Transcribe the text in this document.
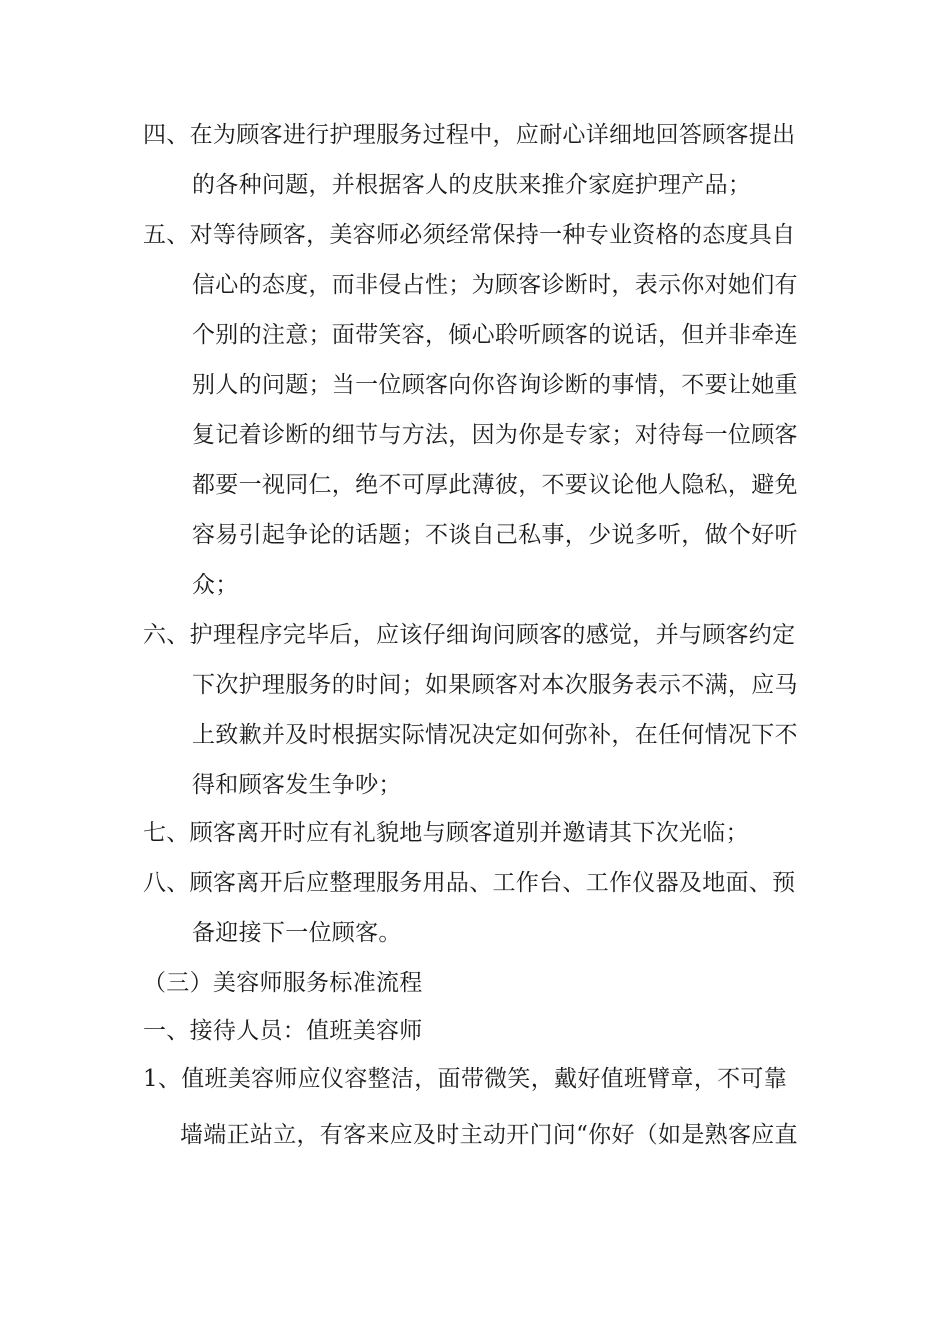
四、在为顾客进行护理服务过程中，应耐心详细地回答顾客提出
的各种问题，并根据客人的皮肤来推介家庭护理产品；
五、对等待顾客，美容师必须经常保持一种专业资格的态度具自
信心的态度，而非侵占性；为顾客诊断时，表示你对她们有
个别的注意；面带笑容，倾心聆听顾客的说话，但并非牵连
别人的问题；当一位顾客向你咨询诊断的事情，不要让她重
复记着诊断的细节与方法，因为你是专家；对待每一位顾客
都要一视同仁，绝不可厚此薄彼，不要议论他人隐私，避免
容易引起争论的话题；不谈自己私事，少说多听，做个好听
众；
六、护理程序完毕后，应该仔细询问顾客的感觉，并与顾客约定
下次护理服务的时间；如果顾客对本次服务表示不满，应马
上致歉并及时根据实际情况决定如何弥补，在任何情况下不
得和顾客发生争吵；
七、顾客离开时应有礼貌地与顾客道别并邀请其下次光临；
八、顾客离开后应整理服务用品、工作台、工作仪器及地面、预
备迎接下一位顾客。
（三）美容师服务标准流程
一、接待人员：值班美容师
1、值班美容师应仪容整洁，面带微笑，戴好值班臂章，不可靠
墙端正站立，有客来应及时主动开门问“你好（如是熟客应直
